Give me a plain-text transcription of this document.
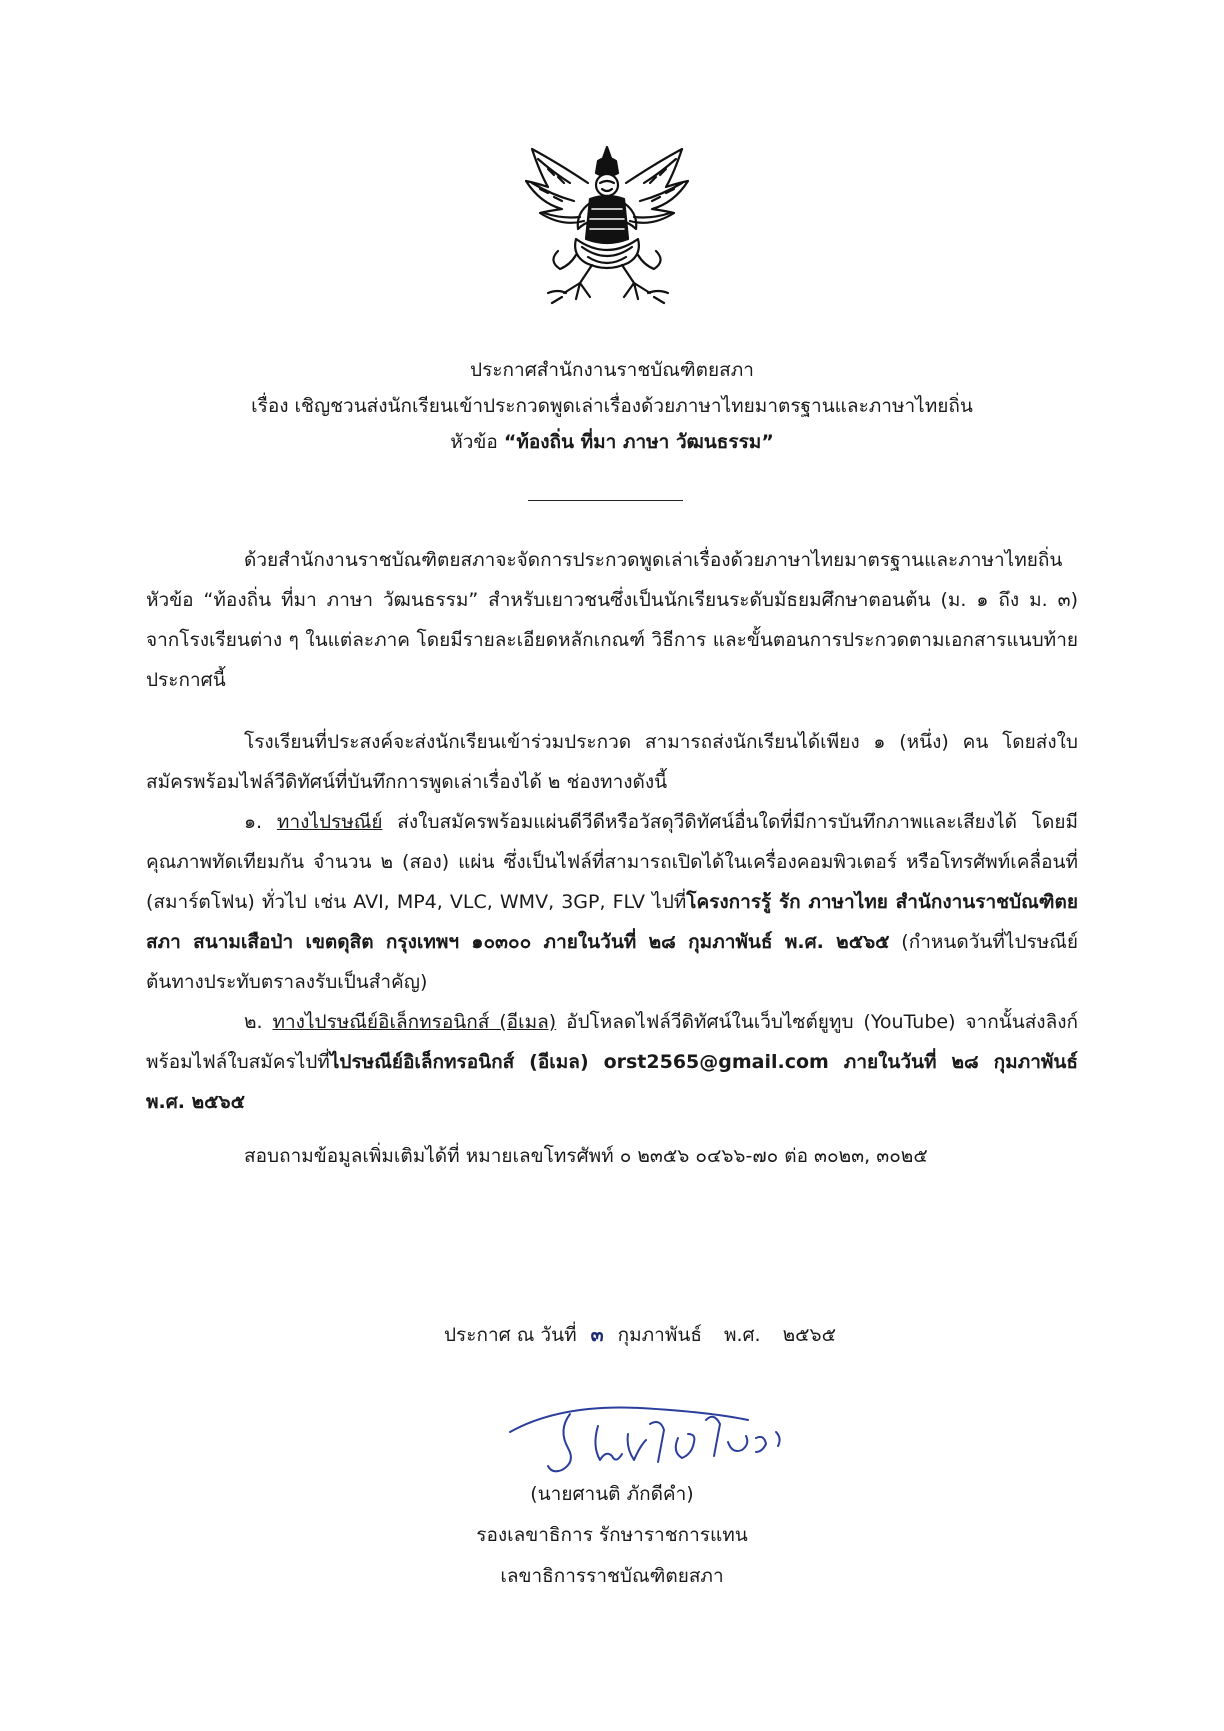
ประกาศสำนักงานราชบัณฑิตยสภา
เรื่อง เชิญชวนส่งนักเรียนเข้าประกวดพูดเล่าเรื่องด้วยภาษาไทยมาตรฐานและภาษาไทยถิ่น
หัวข้อ “ท้องถิ่น ที่มา ภาษา วัฒนธรรม”

ด้วยสำนักงานราชบัณฑิตยสภาจะจัดการประกวดพูดเล่าเรื่องด้วยภาษาไทยมาตรฐานและภาษาไทยถิ่น หัวข้อ “ท้องถิ่น ที่มา ภาษา วัฒนธรรม” สำหรับเยาวชนซึ่งเป็นนักเรียนระดับมัธยมศึกษาตอนต้น (ม. ๑ ถึง ม. ๓) จากโรงเรียนต่าง ๆ ในแต่ละภาค โดยมีรายละเอียดหลักเกณฑ์ วิธีการ และขั้นตอนการประกวดตามเอกสารแนบท้ายประกาศนี้

โรงเรียนที่ประสงค์จะส่งนักเรียนเข้าร่วมประกวด สามารถส่งนักเรียนได้เพียง ๑ (หนึ่ง) คน โดยส่งใบสมัครพร้อมไฟล์วีดิทัศน์ที่บันทึกการพูดเล่าเรื่องได้ ๒ ช่องทางดังนี้

๑. ทางไปรษณีย์ ส่งใบสมัครพร้อมแผ่นดีวีดีหรือวัสดุวีดิทัศน์อื่นใดที่มีการบันทึกภาพและเสียงได้ โดยมีคุณภาพทัดเทียมกัน จำนวน ๒ (สอง) แผ่น ซึ่งเป็นไฟล์ที่สามารถเปิดได้ในเครื่องคอมพิวเตอร์ หรือโทรศัพท์เคลื่อนที่ (สมาร์ตโฟน) ทั่วไป เช่น AVI, MP4, VLC, WMV, 3GP, FLV ไปที่โครงการรู้ รัก ภาษาไทย สำนักงานราชบัณฑิตยสภา สนามเสือป่า เขตดุสิต กรุงเทพฯ ๑๐๓๐๐ ภายในวันที่ ๒๘ กุมภาพันธ์ พ.ศ. ๒๕๖๕ (กำหนดวันที่ไปรษณีย์ต้นทางประทับตราลงรับเป็นสำคัญ)

๒. ทางไปรษณีย์อิเล็กทรอนิกส์ (อีเมล) อัปโหลดไฟล์วีดิทัศน์ในเว็บไซต์ยูทูบ (YouTube) จากนั้นส่งลิงก์พร้อมไฟล์ใบสมัครไปที่ไปรษณีย์อิเล็กทรอนิกส์ (อีเมล) orst2565@gmail.com ภายในวันที่ ๒๘ กุมภาพันธ์ พ.ศ. ๒๕๖๕

สอบถามข้อมูลเพิ่มเติมได้ที่ หมายเลขโทรศัพท์ ๐ ๒๓๕๖ ๐๔๖๖-๗๐ ต่อ ๓๐๒๓, ๓๐๒๕

ประกาศ ณ วันที่ ๓ กุมภาพันธ์ พ.ศ. ๒๕๖๕
(นายศานติ ภักดีคำ)
รองเลขาธิการ รักษาราชการแทน
เลขาธิการราชบัณฑิตยสภา
